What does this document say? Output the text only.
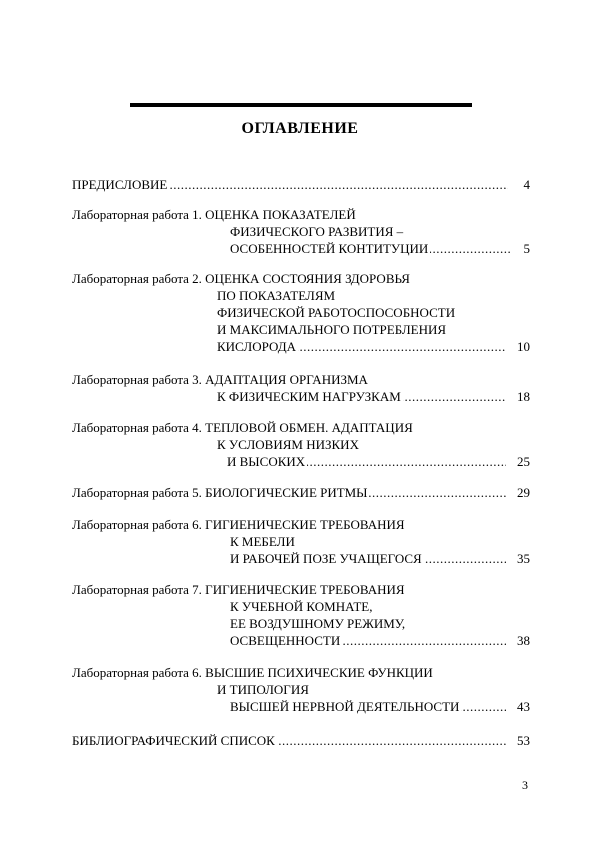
ОГЛАВЛЕНИЕ
ПРЕДИСЛОВИЕ .....	4
Лабораторная работа 1. ОЦЕНКА ПОКАЗАТЕЛЕЙ
ФИЗИЧЕСКОГО РАЗВИТИЯ –
ОСОБЕННОСТЕЙ КОНТИТУЦИИ .....	5
Лабораторная работа 2. ОЦЕНКА СОСТОЯНИЯ ЗДОРОВЬЯ
ПО ПОКАЗАТЕЛЯМ
ФИЗИЧЕСКОЙ РАБОТОСПОСОБНОСТИ
И МАКСИМАЛЬНОГО ПОТРЕБЛЕНИЯ
КИСЛОРОДА .....	10
Лабораторная работа 3. АДАПТАЦИЯ ОРГАНИЗМА
К ФИЗИЧЕСКИМ НАГРУЗКАМ .....	18
Лабораторная работа 4. ТЕПЛОВОЙ ОБМЕН. АДАПТАЦИЯ
К УСЛОВИЯМ НИЗКИХ
И ВЫСОКИХ .....	25
Лабораторная работа 5. БИОЛОГИЧЕСКИЕ РИТМЫ .....	29
Лабораторная работа 6. ГИГИЕНИЧЕСКИЕ ТРЕБОВАНИЯ
К МЕБЕЛИ
И РАБОЧЕЙ ПОЗЕ УЧАЩЕГОСЯ .....	35
Лабораторная работа 7. ГИГИЕНИЧЕСКИЕ ТРЕБОВАНИЯ
К УЧЕБНОЙ КОМНАТЕ,
ЕЕ ВОЗДУШНОМУ РЕЖИМУ,
ОСВЕЩЕННОСТИ .....	38
Лабораторная работа 6. ВЫСШИЕ ПСИХИЧЕСКИЕ ФУНКЦИИ
И ТИПОЛОГИЯ
ВЫСШЕЙ НЕРВНОЙ ДЕЯТЕЛЬНОСТИ .....	43
БИБЛИОГРАФИЧЕСКИЙ СПИСОК .....	53
3
